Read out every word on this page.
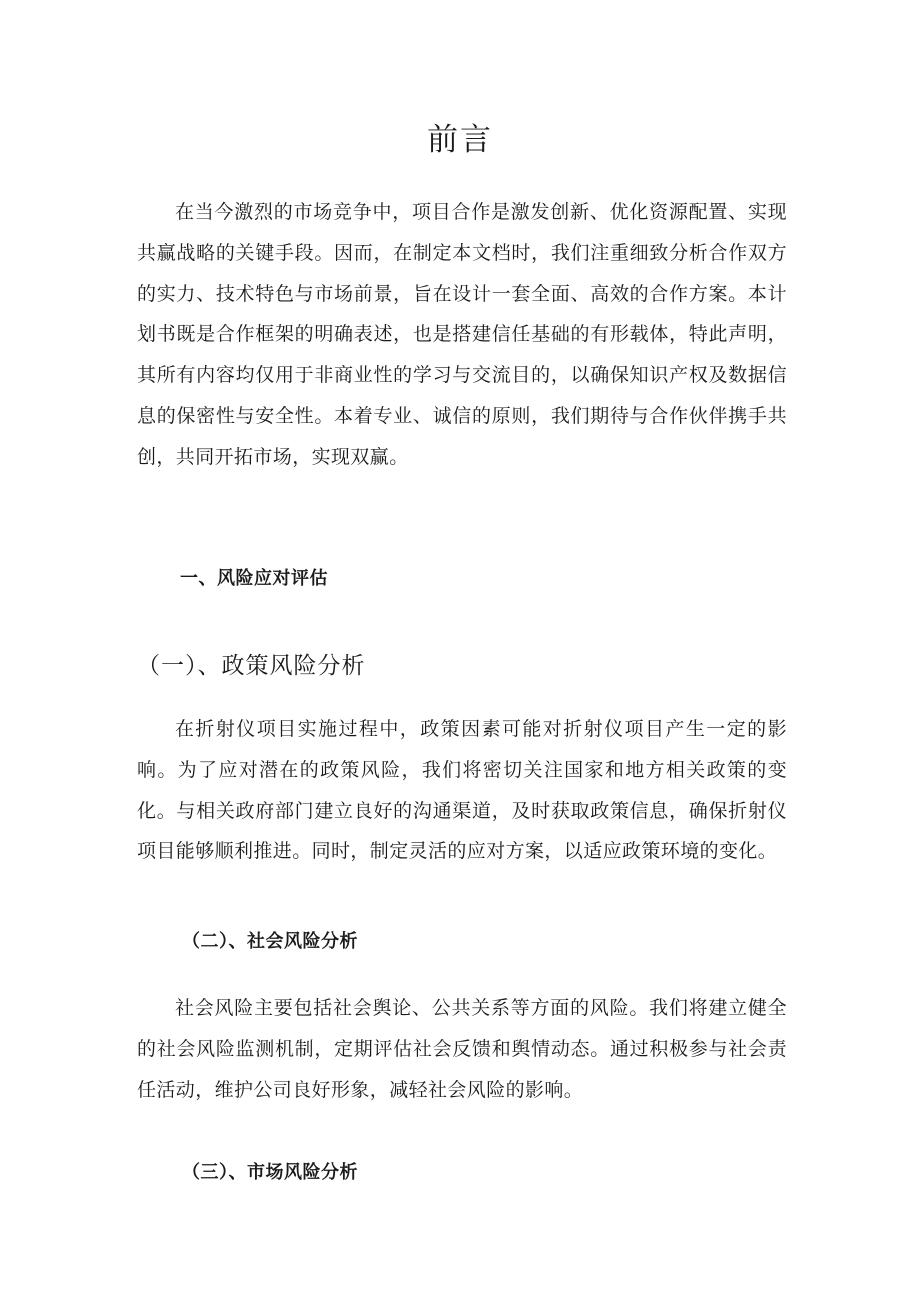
前言

在当今激烈的市场竞争中，项目合作是激发创新、优化资源配置、实现共赢战略的关键手段。因而，在制定本文档时，我们注重细致分析合作双方的实力、技术特色与市场前景，旨在设计一套全面、高效的合作方案。本计划书既是合作框架的明确表述，也是搭建信任基础的有形载体，特此声明，其所有内容均仅用于非商业性的学习与交流目的，以确保知识产权及数据信息的保密性与安全性。本着专业、诚信的原则，我们期待与合作伙伴携手共创，共同开拓市场，实现双赢。

一、风险应对评估
（一）、政策风险分析

在折射仪项目实施过程中，政策因素可能对折射仪项目产生一定的影响。为了应对潜在的政策风险，我们将密切关注国家和地方相关政策的变化。与相关政府部门建立良好的沟通渠道，及时获取政策信息，确保折射仪项目能够顺利推进。同时，制定灵活的应对方案，以适应政策环境的变化。

（二）、社会风险分析

社会风险主要包括社会舆论、公共关系等方面的风险。我们将建立健全的社会风险监测机制，定期评估社会反馈和舆情动态。通过积极参与社会责任活动，维护公司良好形象，减轻社会风险的影响。

（三）、市场风险分析
